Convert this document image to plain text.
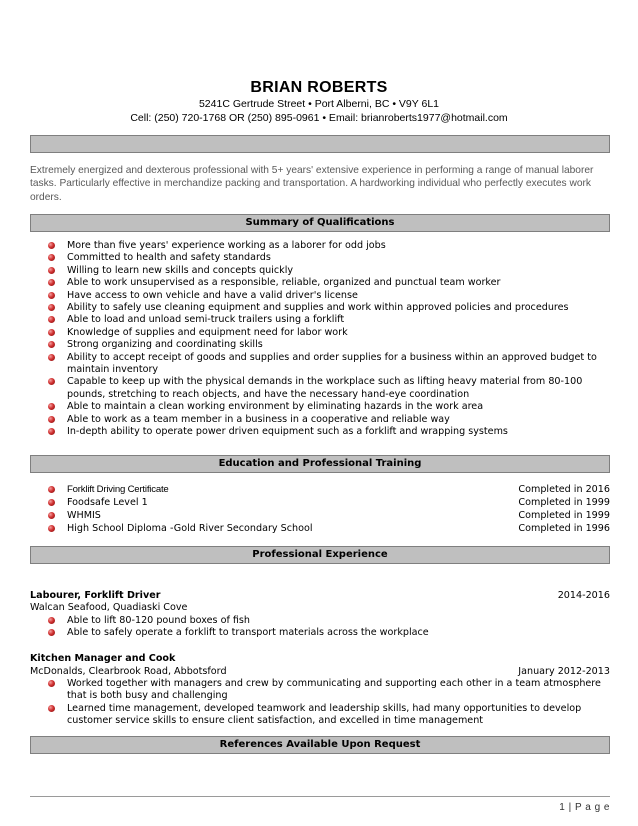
BRIAN ROBERTS
5241C Gertrude Street • Port Alberni, BC • V9Y 6L1
Cell: (250) 720-1768 OR (250) 895-0961 • Email: brianroberts1977@hotmail.com
Extremely energized and dexterous professional with 5+ years' extensive experience in performing a range of manual laborer tasks. Particularly effective in merchandize packing and transportation. A hardworking individual who perfectly executes work orders.
Summary of Qualifications
More than five years' experience working as a laborer for odd jobs
Committed to health and safety standards
Willing to learn new skills and concepts quickly
Able to work unsupervised as a responsible, reliable, organized and punctual team worker
Have access to own vehicle and have a valid driver's license
Ability to safely use cleaning equipment and supplies and work within approved policies and procedures
Able to load and unload semi-truck trailers using a forklift
Knowledge of supplies and equipment need for labor work
Strong organizing and coordinating skills
Ability to accept receipt of goods and supplies and order supplies for a business within an approved budget to maintain inventory
Capable to keep up with the physical demands in the workplace such as lifting heavy material from 80-100 pounds, stretching to reach objects, and have the necessary hand-eye coordination
Able to maintain a clean working environment by eliminating hazards in the work area
Able to work as a team member in a business in a cooperative and reliable way
In-depth ability to operate power driven equipment such as a forklift and wrapping systems
Education and Professional Training
Forklift Driving Certificate	Completed in 2016
Foodsafe Level 1	Completed in 1999
WHMIS	Completed in 1999
High School Diploma -Gold River Secondary School	Completed in 1996
Professional Experience
Labourer, Forklift Driver	2014-2016
Walcan Seafood, Quadiaski Cove
Able to lift 80-120 pound boxes of fish
Able to safely operate a forklift to transport materials across the workplace
Kitchen Manager and Cook
McDonalds, Clearbrook Road, Abbotsford	January 2012-2013
Worked together with managers and crew by communicating and supporting each other in a team atmosphere that is both busy and challenging
Learned time management, developed teamwork and leadership skills, had many opportunities to develop customer service skills to ensure client satisfaction, and excelled in time management
References Available Upon Request
1 | P a g e
